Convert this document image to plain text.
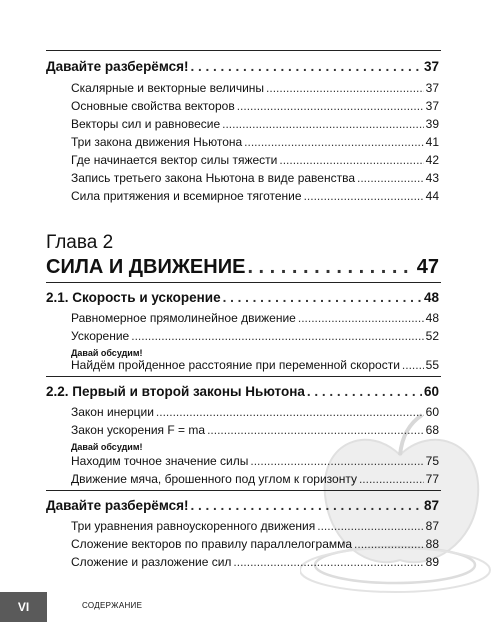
Давайте разберёмся! . . .	37
Скалярные и векторные величины .....	37
Основные свойства векторов .....	37
Векторы сил и равновесие .....	39
Три закона движения Ньютона .....	41
Где начинается вектор силы тяжести .....	42
Запись третьего закона Ньютона в виде равенства .....	43
Сила притяжения и всемирное тяготение .....	44
Глава 2
СИЛА И ДВИЖЕНИЕ . . .	47
2.1. Скорость и ускорение . . .	48
Равномерное прямолинейное движение .....	48
Ускорение .....	52
Давай обсудим!
Найдём пройденное расстояние при переменной скорости ..... 55
2.2. Первый и второй законы Ньютона . . .	60
Закон инерции .....	60
Закон ускорения F = ma .....	68
Давай обсудим!
Находим точное значение силы .....	75
Движение мяча, брошенного под углом к горизонту .....	77
Давайте разберёмся! . . .	87
Три уравнения равноускоренного движения .....	87
Сложение векторов по правилу параллелограмма .....	88
Сложение и разложение сил .....	89
VI	СОДЕРЖАНИЕ
